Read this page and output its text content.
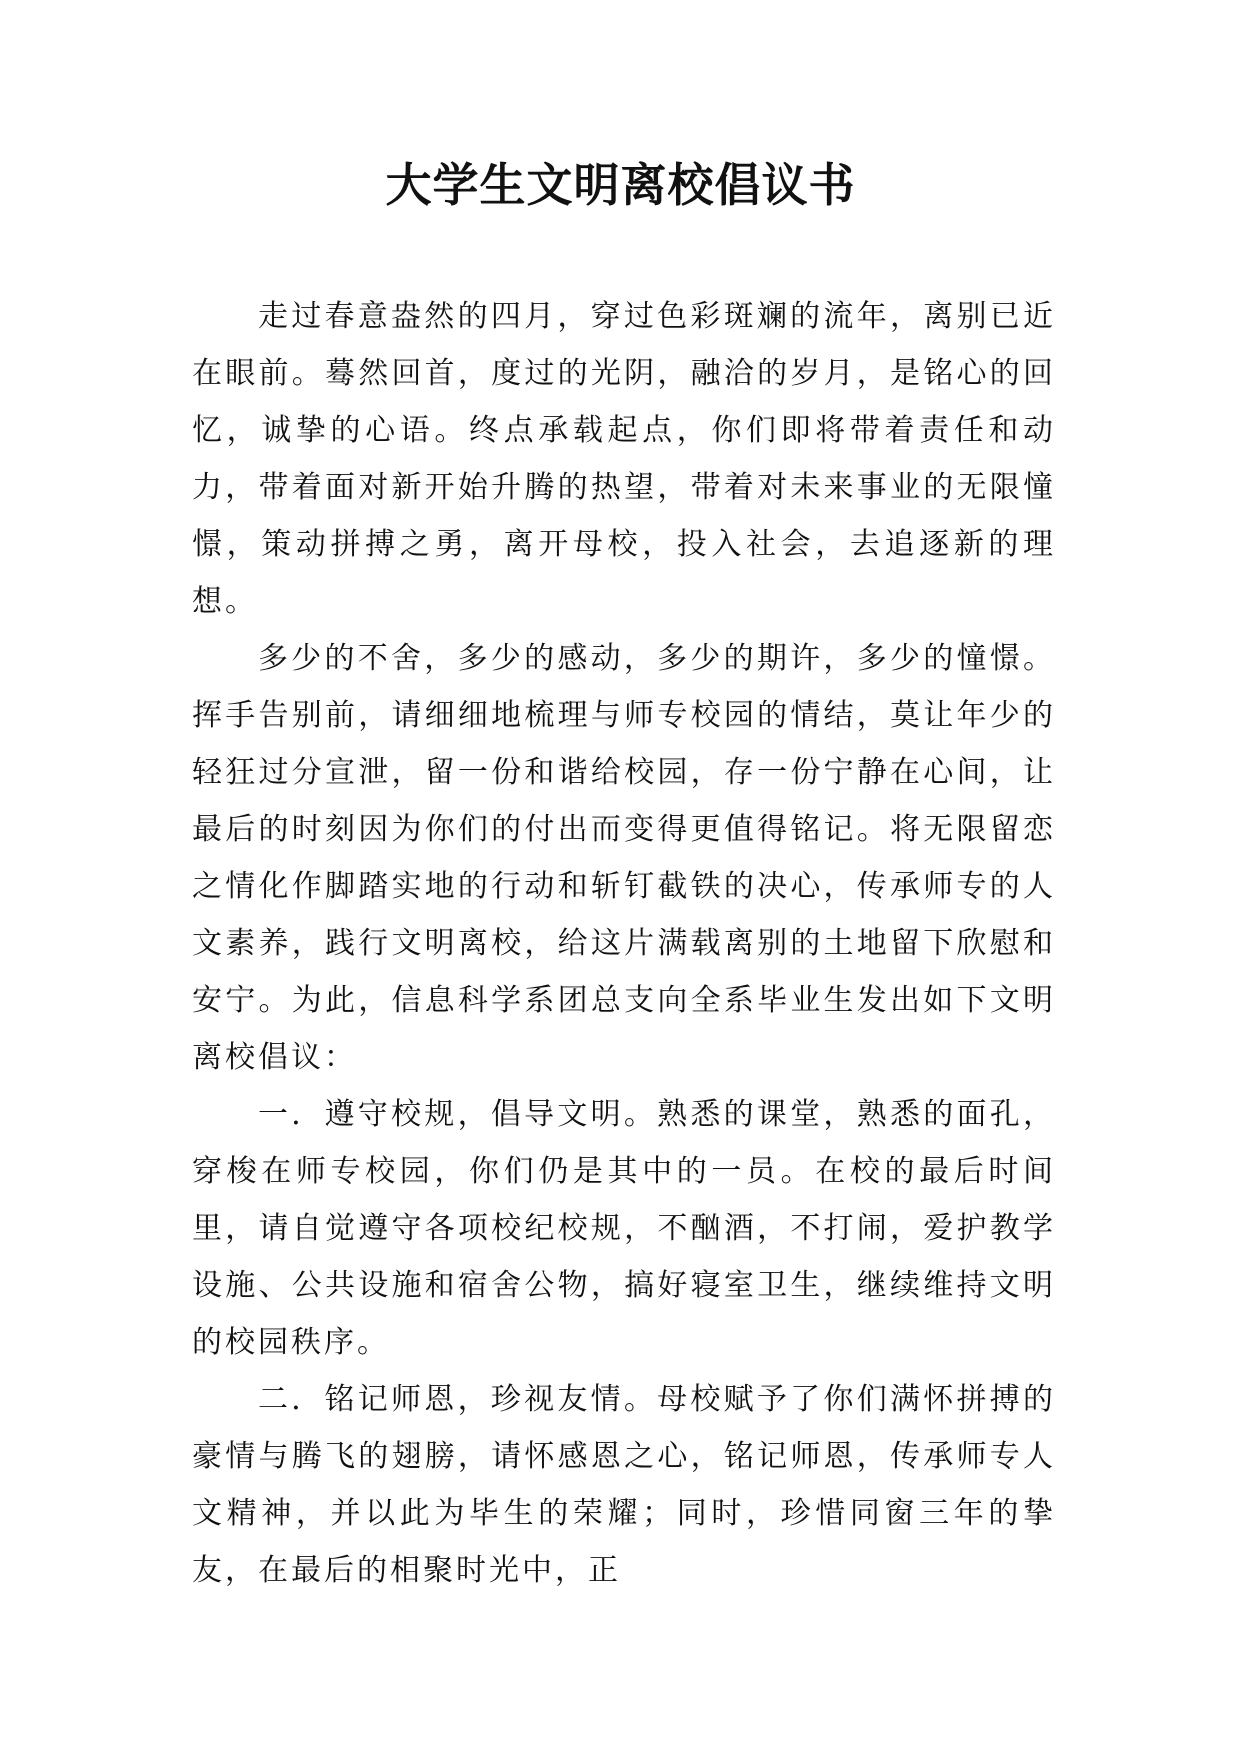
大学生文明离校倡议书

走过春意盎然的四月，穿过色彩斑斓的流年，离别已近在眼前。蓦然回首，度过的光阴，融洽的岁月，是铭心的回忆，诚挚的心语。终点承载起点，你们即将带着责任和动力，带着面对新开始升腾的热望，带着对未来事业的无限憧憬，策动拼搏之勇，离开母校，投入社会，去追逐新的理想。

多少的不舍，多少的感动，多少的期许，多少的憧憬。挥手告别前，请细细地梳理与师专校园的情结，莫让年少的轻狂过分宣泄，留一份和谐给校园，存一份宁静在心间，让最后的时刻因为你们的付出而变得更值得铭记。将无限留恋之情化作脚踏实地的行动和斩钉截铁的决心，传承师专的人文素养，践行文明离校，给这片满载离别的土地留下欣慰和安宁。为此，信息科学系团总支向全系毕业生发出如下文明离校倡议：

一．遵守校规，倡导文明。熟悉的课堂，熟悉的面孔，穿梭在师专校园，你们仍是其中的一员。在校的最后时间里，请自觉遵守各项校纪校规，不酗酒，不打闹，爱护教学设施、公共设施和宿舍公物，搞好寝室卫生，继续维持文明的校园秩序。

二．铭记师恩，珍视友情。母校赋予了你们满怀拼搏的豪情与腾飞的翅膀，请怀感恩之心，铭记师恩，传承师专人文精神，并以此为毕生的荣耀；同时，珍惜同窗三年的挚友，在最后的相聚时光中，正
